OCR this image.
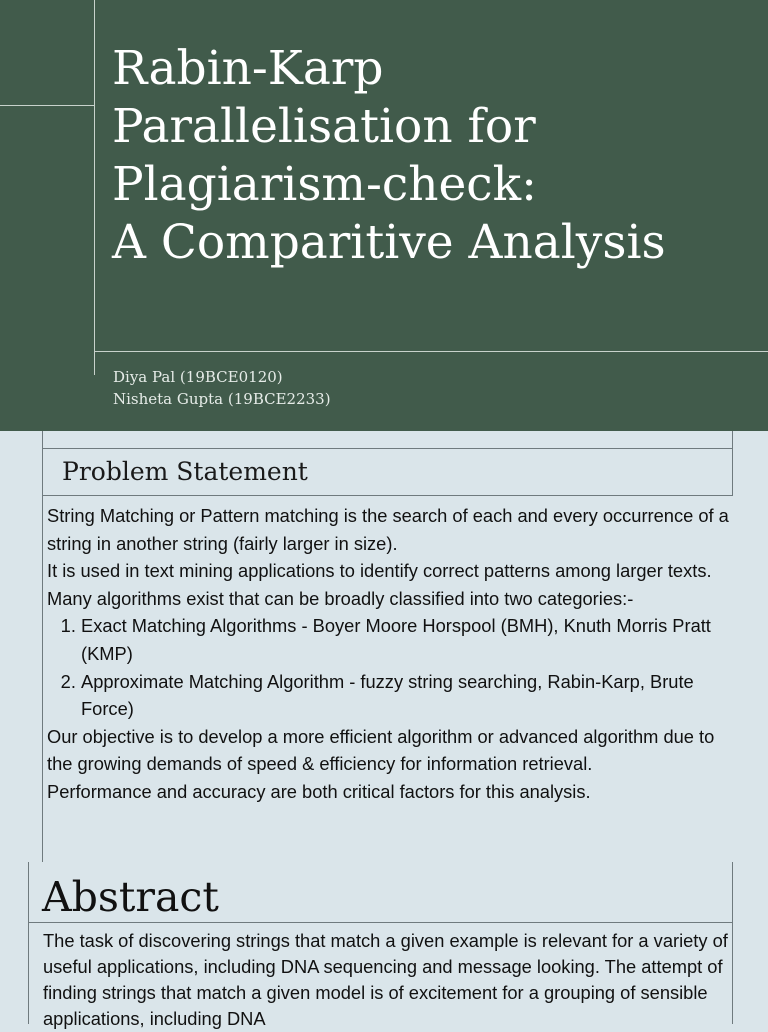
Rabin-Karp
Parallelisation for
Plagiarism-check:
A Comparitive Analysis
Diya Pal (19BCE0120)
Nisheta Gupta (19BCE2233)
Problem Statement

String Matching or Pattern matching is the search of each and every occurrence of a string in another string (fairly larger in size).

It is used in text mining applications to identify correct patterns among larger texts.

Many algorithms exist that can be broadly classified into two categories:-

1. Exact Matching Algorithms - Boyer Moore Horspool (BMH), Knuth Morris Pratt (KMP)
2. Approximate Matching Algorithm - fuzzy string searching, Rabin-Karp, Brute Force)

Our objective is to develop a more efficient algorithm or advanced algorithm due to the growing demands of speed & efficiency for information retrieval.

Performance and accuracy are both critical factors for this analysis.

Abstract

The task of discovering strings that match a given example is relevant for a variety of useful applications, including DNA sequencing and message looking. The attempt of finding strings that match a given model is of excitement for a grouping of sensible applications, including DNA
